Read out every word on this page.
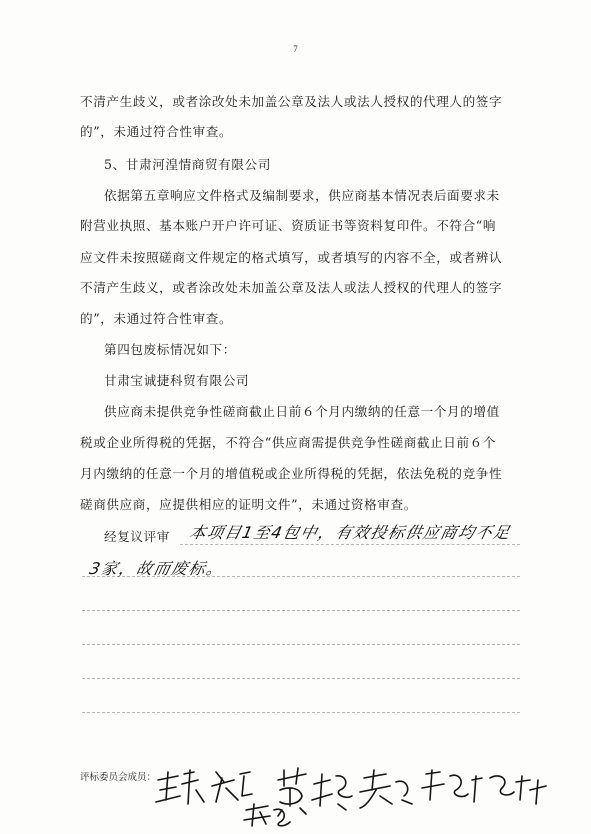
7
不清产生歧义，或者涂改处未加盖公章及法人或法人授权的代理人的签字
的”，未通过符合性审查。
5、甘肃河湟情商贸有限公司
依据第五章响应文件格式及编制要求，供应商基本情况表后面要求未
附营业执照、基本账户开户许可证、资质证书等资料复印件。不符合“响
应文件未按照磋商文件规定的格式填写，或者填写的内容不全，或者辨认
不清产生歧义，或者涂改处未加盖公章及法人或法人授权的代理人的签字
的”，未通过符合性审查。
第四包废标情况如下：
甘肃宝诚捷科贸有限公司
供应商未提供竞争性磋商截止日前６个月内缴纳的任意一个月的增值
税或企业所得税的凭据，不符合“供应商需提供竞争性磋商截止日前６个
月内缴纳的任意一个月的增值税或企业所得税的凭据，依法免税的竞争性
磋商供应商，应提供相应的证明文件”，未通过资格审查。
经复议评审	本项目1至4包中，有效投标供应商均不足
3家，故而废标。
评标委员会成员：
